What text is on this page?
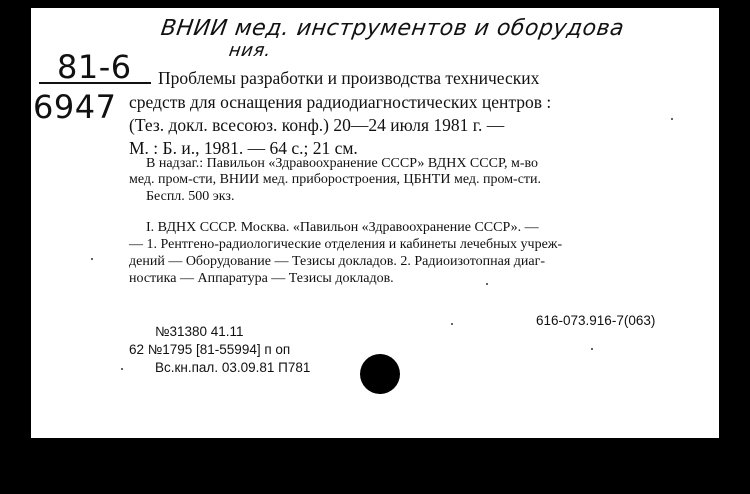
ВНИИ мед. инструментов и оборудова
ния.
81-6
6947
Проблемы разработки и производства технических
средств для оснащения радиодиагностических центров :
(Тез. докл. всесоюз. конф.) 20—24 июля 1981 г. —
М. : Б. и., 1981. — 64 с.; 21 см.
В надзаг.: Павильон «Здравоохранение СССР» ВДНХ СССР, м-во
мед. пром-сти, ВНИИ мед. приборостроения, ЦБНТИ мед. пром-сти.
Беспл. 500 экз.
I. ВДНХ СССР. Москва. «Павильон «Здравоохранение СССР». —
— 1. Рентгено-радиологические отделения и кабинеты лечебных учреж-
дений — Оборудование — Тезисы докладов. 2. Радиоизотопная диаг-
ностика — Аппаратура — Тезисы докладов.
616-073.916-7(063)
№31380 41.11
62 №1795 [81-55994] п оп
Вс.кн.пал. 03.09.81 П781
